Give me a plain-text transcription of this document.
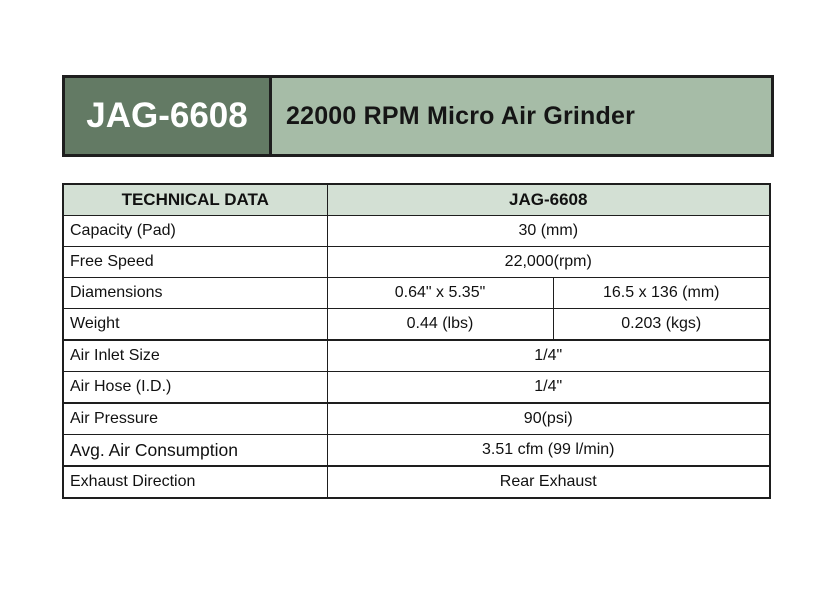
JAG-6608	22000 RPM Micro Air Grinder
TECHNICAL DATA	JAG-6608	
Capacity (Pad)	30 (mm)	
Free Speed	22,000(rpm)	
Diamensions	0.64" x 5.35"	16.5 x 136 (mm)
Weight	0.44 (lbs)	0.203 (kgs)
Air Inlet Size	1/4"	
Air Hose (I.D.)	1/4"	
Air Pressure	90(psi)	
Avg. Air Consumption	3.51 cfm (99 l/min)	
Exhaust Direction	Rear Exhaust	
